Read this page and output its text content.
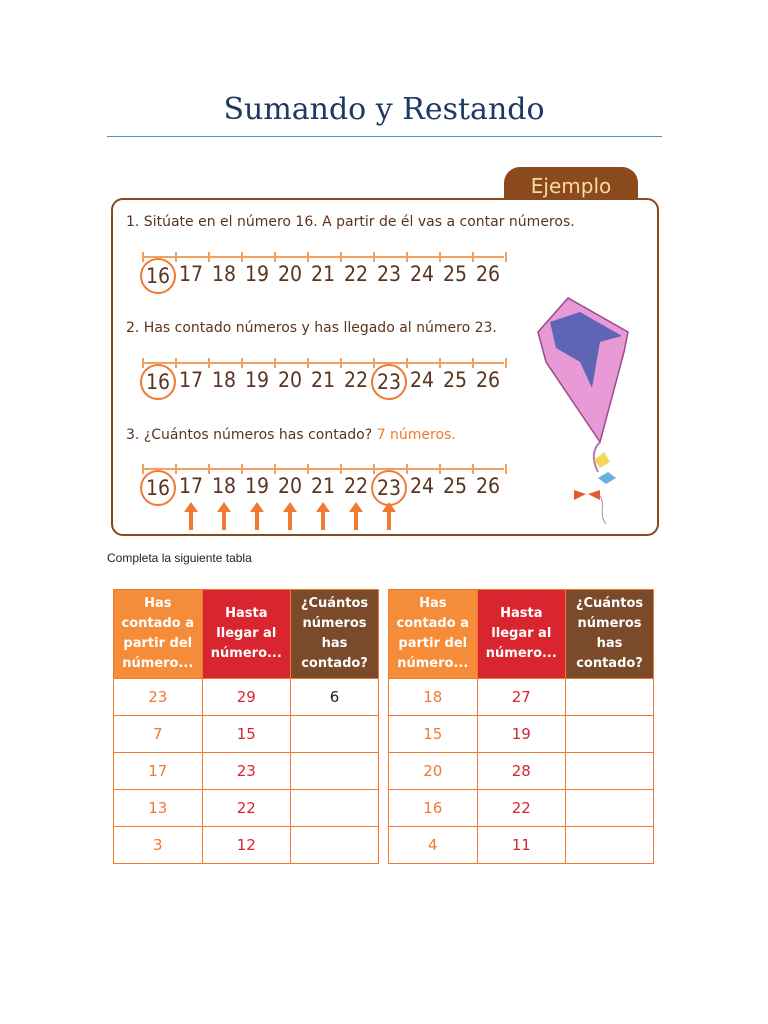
Sumando y Restando
Ejemplo
1. Sitúate en el número 16. A partir de él vas a contar números.
2. Has contado números y has llegado al número 23.
3. ¿Cuántos números has contado? 7 números.
16 17 18 19 20 21 22 23 24 25 26
16 17 18 19 20 21 22 23 24 25 26
16 17 18 19 20 21 22 23 24 25 26
Completa la siguiente tabla
Has contado a partir del número...	Hasta llegar al número...	¿Cuántos números has contado?
23	29	6
7	15	
17	23	
13	22	
3	12	
Has contado a partir del número...	Hasta llegar al número...	¿Cuántos números has contado?
18	27	
15	19	
20	28	
16	22	
4	11	
